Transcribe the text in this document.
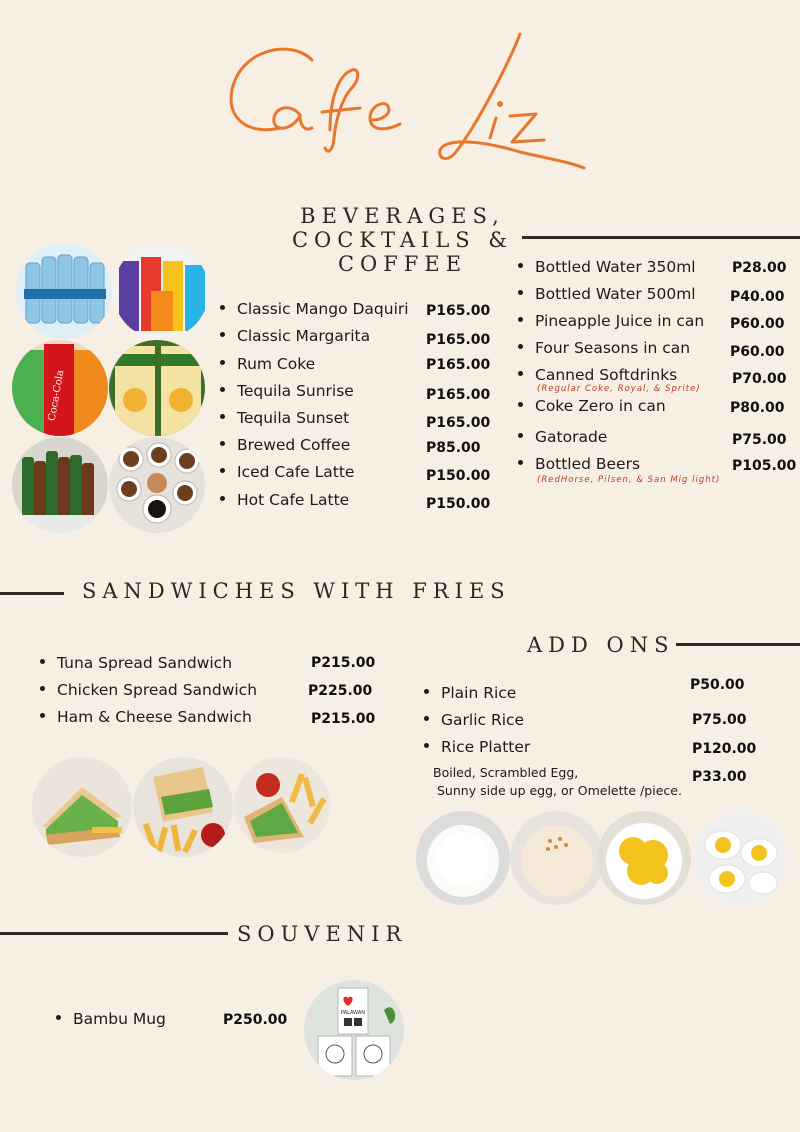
BEVERAGES,
COCKTAILS &
COFFEE
Coca-Cola
Classic Mango Daquiri
Classic Margarita
Rum Coke
Tequila Sunrise
Tequila Sunset
Brewed Coffee
Iced Cafe Latte
Hot Cafe Latte
P165.00
P165.00
P165.00
P165.00
P165.00
P85.00
P150.00
P150.00
Bottled Water 350ml
Bottled Water 500ml
Pineapple Juice in can
Four Seasons in can
Canned Softdrinks
(Regular Coke, Royal, & Sprite)
Coke Zero in can
Gatorade
Bottled Beers
(RedHorse, Pilsen, & San Mig light)
P28.00
P40.00
P60.00
P60.00
P70.00
P80.00
P75.00
P105.00
SANDWICHES WITH FRIES
Tuna Spread Sandwich
Chicken Spread Sandwich
Ham & Cheese Sandwich
P215.00
P225.00
P215.00
ADD ONS
Plain Rice
Garlic Rice
Rice Platter
Boiled, Scrambled Egg,
Sunny side up egg, or Omelette /piece.
P50.00
P75.00
P120.00
P33.00
SOUVENIR
Bambu Mug	P250.00	PALAWAN
